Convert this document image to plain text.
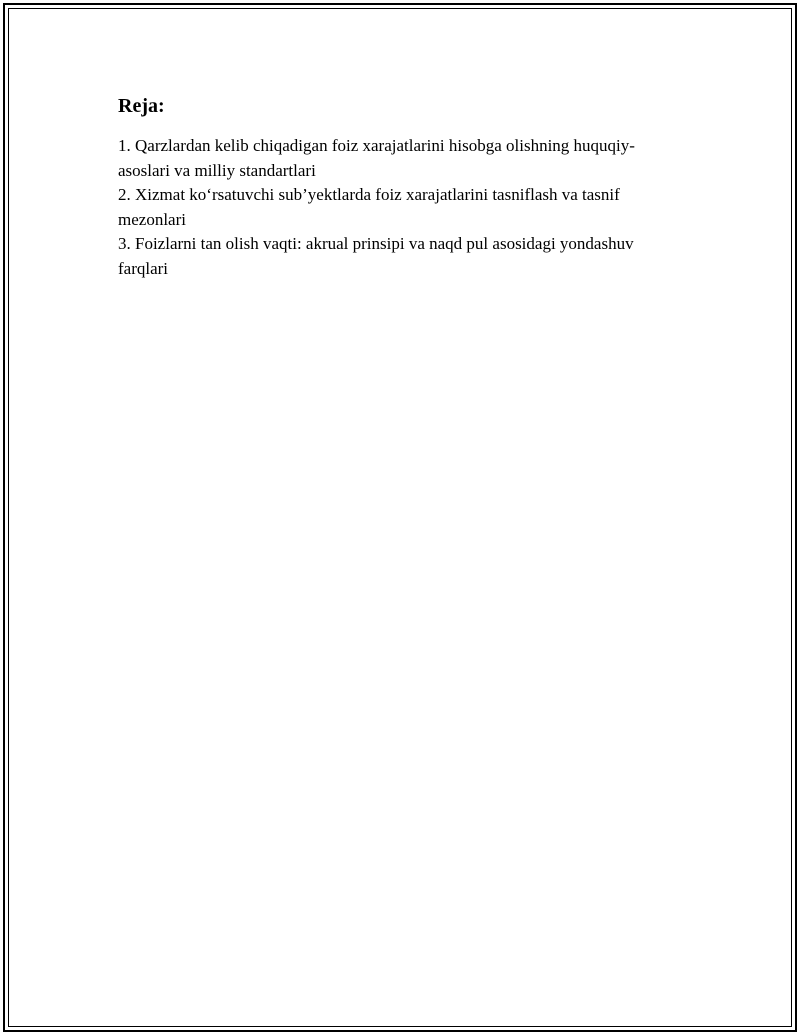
Reja:

1. Qarzlardan kelib chiqadigan foiz xarajatlarini hisobga olishning huquqiy-asoslari va milliy standartlari

2. Xizmat ko‘rsatuvchi sub’yektlarda foiz xarajatlarini tasniflash va tasnif mezonlari

3. Foizlarni tan olish vaqti: akrual prinsipi va naqd pul asosidagi yondashuv farqlari
